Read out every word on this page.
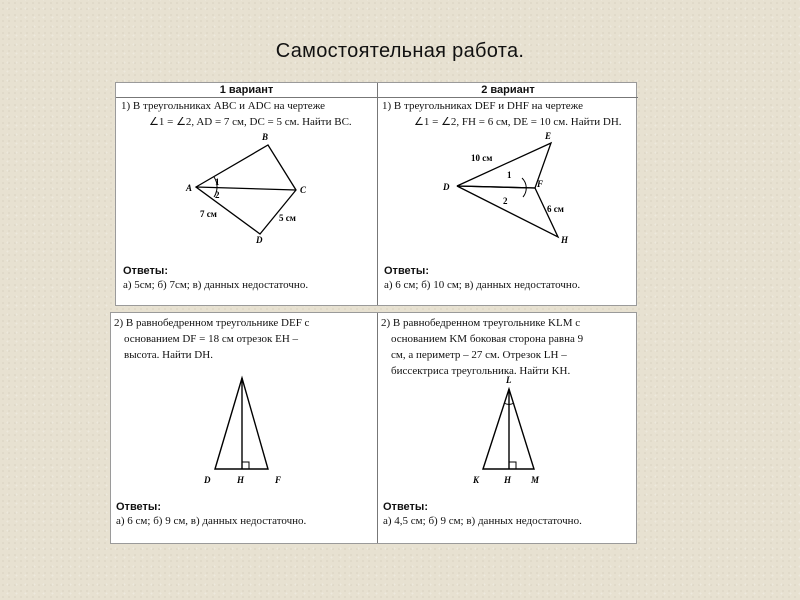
Самостоятельная работа.
1 вариант	2 вариант
1) В треугольниках ABC и ADC на чертеже
∠1 = ∠2, AD = 7 см, DC = 5 см. Найти BC.
A
B
C
D
1
2
7 см	5 см
Ответы:
а) 5см; б) 7см; в) данных недостаточно.
1) В треугольниках DEF и DHF на чертеже
∠1 = ∠2, FH = 6 см, DE = 10 см. Найти DH.
D
E
F
H
1
2
10 см
6 см
Ответы:
а) 6 см; б) 10 см; в) данных недостаточно.
2) В равнобедренном треугольнике DEF с
основанием DF = 18 см отрезок EH –
высота. Найти DH.
D	H	F
Ответы:
а) 6 см; б) 9 см, в) данных недостаточно.
2) В равнобедренном треугольнике KLM с
основанием KM боковая сторона равна 9
см, а периметр – 27 см. Отрезок LH –
биссектриса треугольника. Найти KH.
L
K	H M
Ответы:
а) 4,5 см; б) 9 см; в) данных недостаточно.
